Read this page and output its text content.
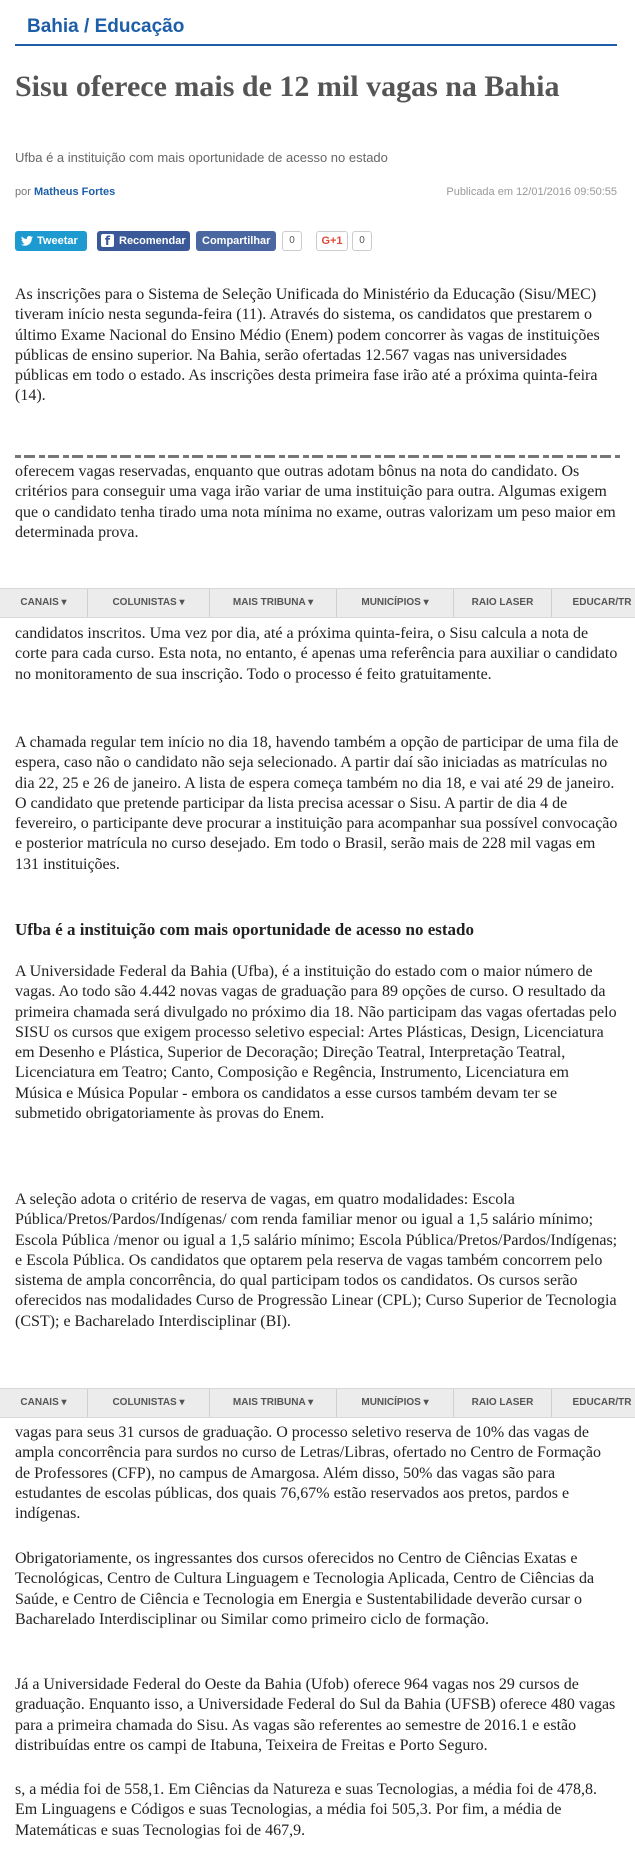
Bahia / Educação
Sisu oferece mais de 12 mil vagas na Bahia
Ufba é a instituição com mais oportunidade de acesso no estado
por Matheus Fortes	Publicada em 12/01/2016 09:50:55
Tweetar	f Recomendar Compartilhar	0	G+1	0

As inscrições para o Sistema de Seleção Unificada do Ministério da Educação (Sisu/MEC) tiveram início nesta segunda-feira (11). Através do sistema, os candidatos que prestarem o último Exame Nacional do Ensino Médio (Enem) podem concorrer às vagas de instituições públicas de ensino superior. Na Bahia, serão ofertadas 12.567 vagas nas universidades públicas em todo o estado. As inscrições desta primeira fase irão até a próxima quinta-feira (14).

oferecem vagas reservadas, enquanto que outras adotam bônus na nota do candidato. Os critérios para conseguir uma vaga irão variar de uma instituição para outra. Algumas exigem que o candidato tenha tirado uma nota mínima no exame, outras valorizam um peso maior em determinada prova.

CANAIS ▾	COLUNISTAS ▾	MAIS TRIBUNA ▾	MUNICÍPIOS ▾	RAIO LASER	EDUCAR/TR

candidatos inscritos. Uma vez por dia, até a próxima quinta-feira, o Sisu calcula a nota de corte para cada curso. Esta nota, no entanto, é apenas uma referência para auxiliar o candidato no monitoramento de sua inscrição. Todo o processo é feito gratuitamente.

A chamada regular tem início no dia 18, havendo também a opção de participar de uma fila de espera, caso não o candidato não seja selecionado. A partir daí são iniciadas as matrículas no dia 22, 25 e 26 de janeiro. A lista de espera começa também no dia 18, e vai até 29 de janeiro. O candidato que pretende participar da lista precisa acessar o Sisu. A partir de dia 4 de fevereiro, o participante deve procurar a instituição para acompanhar sua possível convocação e posterior matrícula no curso desejado. Em todo o Brasil, serão mais de 228 mil vagas em 131 instituições.

Ufba é a instituição com mais oportunidade de acesso no estado

A Universidade Federal da Bahia (Ufba), é a instituição do estado com o maior número de vagas. Ao todo são 4.442 novas vagas de graduação para 89 opções de curso. O resultado da primeira chamada será divulgado no próximo dia 18. Não participam das vagas ofertadas pelo SISU os cursos que exigem processo seletivo especial: Artes Plásticas, Design, Licenciatura em Desenho e Plástica, Superior de Decoração; Direção Teatral, Interpretação Teatral, Licenciatura em Teatro; Canto, Composição e Regência, Instrumento, Licenciatura em Música e Música Popular - embora os candidatos a esse cursos também devam ter se submetido obrigatoriamente às provas do Enem.

A seleção adota o critério de reserva de vagas, em quatro modalidades: Escola Pública/Pretos/Pardos/Indígenas/ com renda familiar menor ou igual a 1,5 salário mínimo; Escola Pública /menor ou igual a 1,5 salário mínimo; Escola Pública/Pretos/Pardos/Indígenas; e Escola Pública. Os candidatos que optarem pela reserva de vagas também concorrem pelo sistema de ampla concorrência, do qual participam todos os candidatos. Os cursos serão oferecidos nas modalidades Curso de Progressão Linear (CPL); Curso Superior de Tecnologia (CST); e Bacharelado Interdisciplinar (BI).

CANAIS ▾	COLUNISTAS ▾	MAIS TRIBUNA ▾	MUNICÍPIOS ▾	RAIO LASER	EDUCAR/TR

vagas para seus 31 cursos de graduação. O processo seletivo reserva de 10% das vagas de ampla concorrência para surdos no curso de Letras/Libras, ofertado no Centro de Formação de Professores (CFP), no campus de Amargosa. Além disso, 50% das vagas são para estudantes de escolas públicas, dos quais 76,67% estão reservados aos pretos, pardos e indígenas.

Obrigatoriamente, os ingressantes dos cursos oferecidos no Centro de Ciências Exatas e Tecnológicas, Centro de Cultura Linguagem e Tecnologia Aplicada, Centro de Ciências da Saúde, e Centro de Ciência e Tecnologia em Energia e Sustentabilidade deverão cursar o Bacharelado Interdisciplinar ou Similar como primeiro ciclo de formação.

Já a Universidade Federal do Oeste da Bahia (Ufob) oferece 964 vagas nos 29 cursos de graduação. Enquanto isso, a Universidade Federal do Sul da Bahia (UFSB) oferece 480 vagas para a primeira chamada do Sisu. As vagas são referentes ao semestre de 2016.1 e estão distribuídas entre os campi de Itabuna, Teixeira de Freitas e Porto Seguro.

s, a média foi de 558,1. Em Ciências da Natureza e suas Tecnologias, a média foi de 478,8. Em Linguagens e Códigos e suas Tecnologias, a média foi 505,3. Por fim, a média de Matemáticas e suas Tecnologias foi de 467,9.
